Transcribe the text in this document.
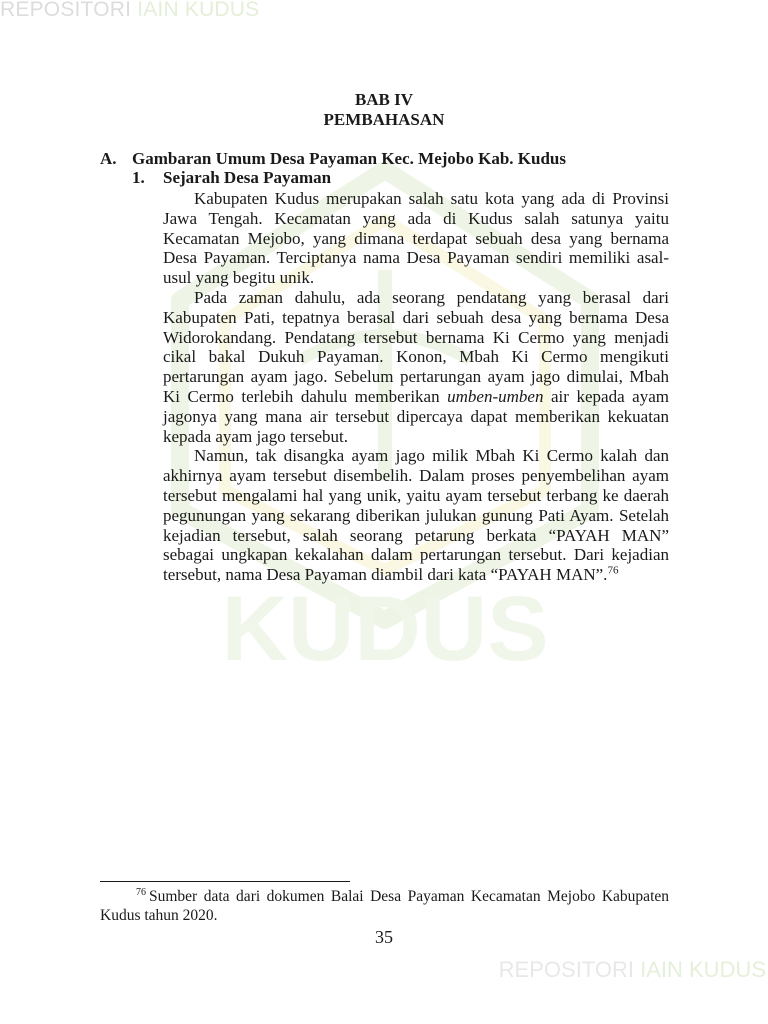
REPOSITORI IAIN KUDUS
KUDUS
BAB IV
PEMBAHASAN
A. Gambaran Umum Desa Payaman Kec. Mejobo Kab. Kudus
1. Sejarah Desa Payaman

Kabupaten Kudus merupakan salah satu kota yang ada di Provinsi Jawa Tengah. Kecamatan yang ada di Kudus salah satunya yaitu Kecamatan Mejobo, yang dimana terdapat sebuah desa yang bernama Desa Payaman. Terciptanya nama Desa Payaman sendiri memiliki asal-usul yang begitu unik.

Pada zaman dahulu, ada seorang pendatang yang berasal dari Kabupaten Pati, tepatnya berasal dari sebuah desa yang bernama Desa Widorokandang. Pendatang tersebut bernama Ki Cermo yang menjadi cikal bakal Dukuh Payaman. Konon, Mbah Ki Cermo mengikuti pertarungan ayam jago. Sebelum pertarungan ayam jago dimulai, Mbah Ki Cermo terlebih dahulu memberikan umben-umben air kepada ayam jagonya yang mana air tersebut dipercaya dapat memberikan kekuatan kepada ayam jago tersebut.

Namun, tak disangka ayam jago milik Mbah Ki Cermo kalah dan akhirnya ayam tersebut disembelih. Dalam proses penyembelihan ayam tersebut mengalami hal yang unik, yaitu ayam tersebut terbang ke daerah pegunungan yang sekarang diberikan julukan gunung Pati Ayam. Setelah kejadian tersebut, salah seorang petarung berkata “PAYAH MAN” sebagai ungkapan kekalahan dalam pertarungan tersebut. Dari kejadian tersebut, nama Desa Payaman diambil dari kata “PAYAH MAN”.$^{76}$

$^{76}$ Sumber data dari dokumen Balai Desa Payaman Kecamatan Mejobo Kabupaten Kudus tahun 2020.

35
REPOSITORI IAIN KUDUS
